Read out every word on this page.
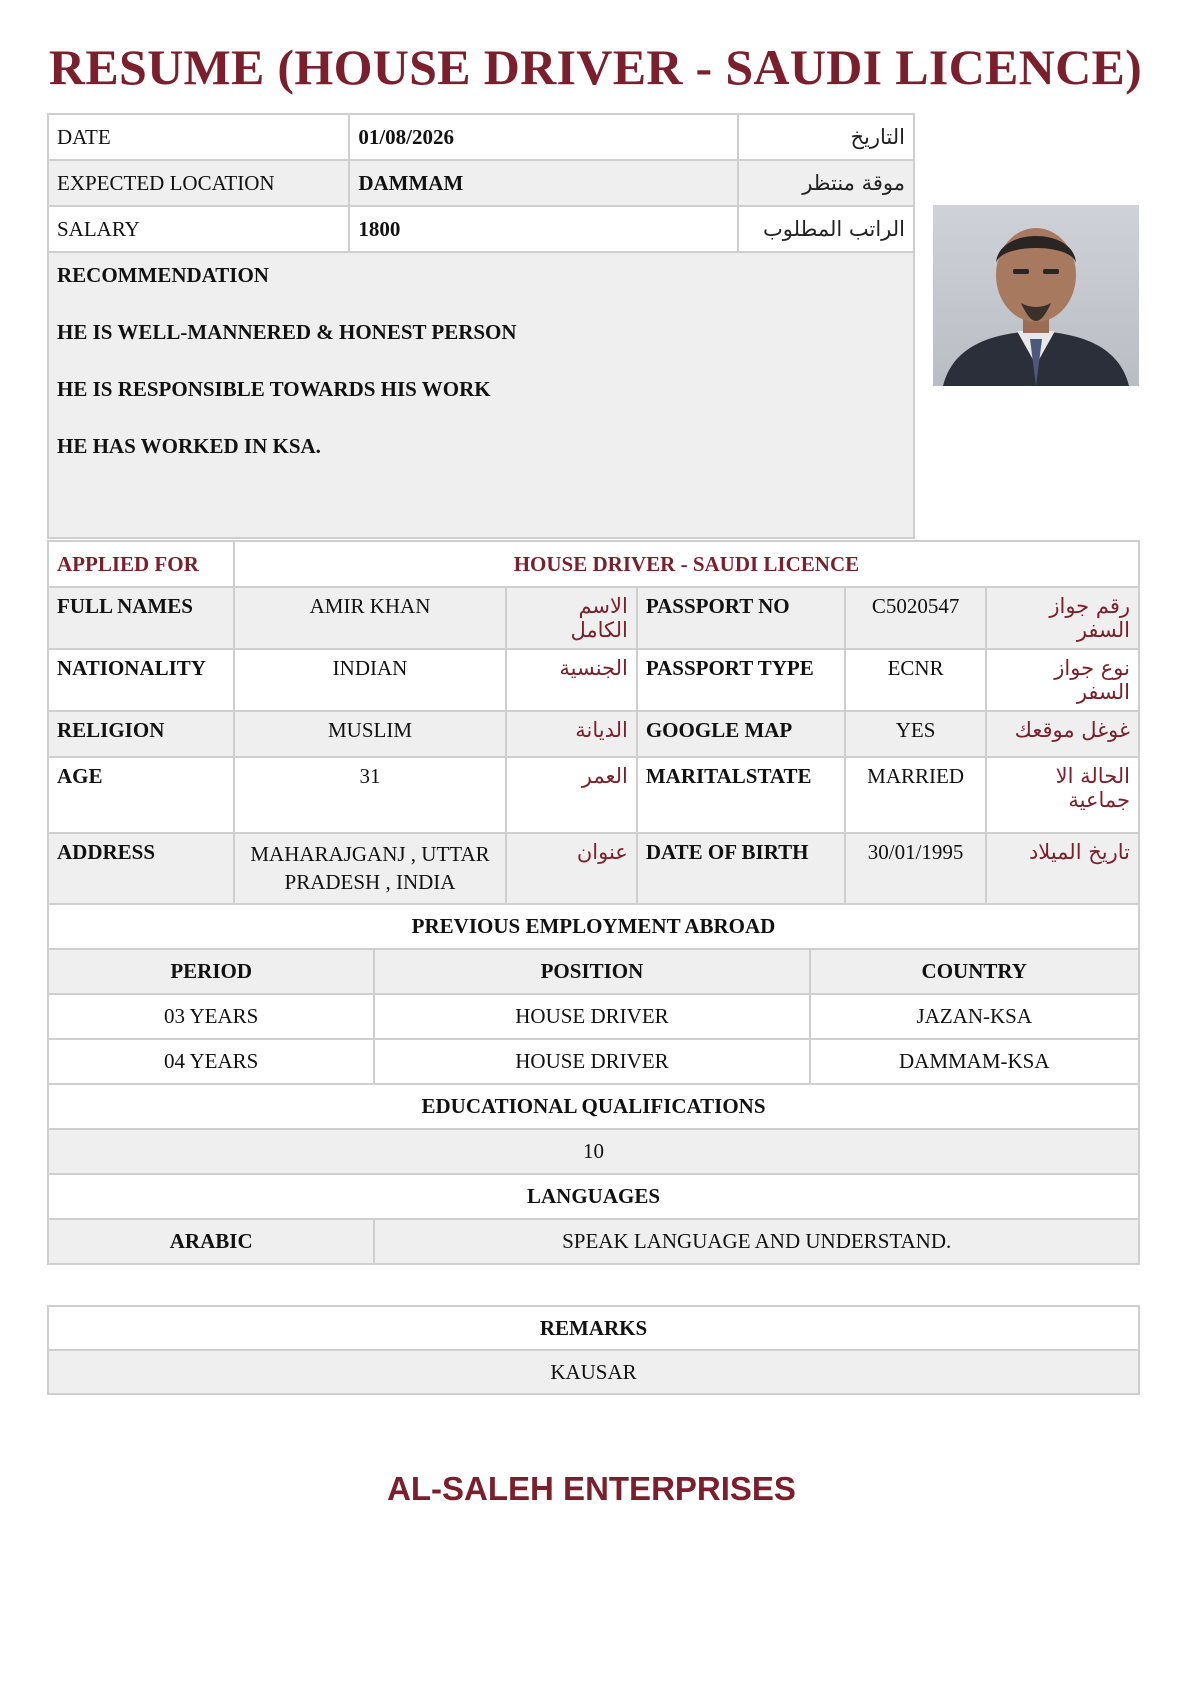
RESUME (HOUSE DRIVER - SAUDI LICENCE)
DATE	01/08/2026	التاريخ
EXPECTED LOCATION	DAMMAM	موقة منتظر
SALARY	1800	الراتب المطلوب

RECOMMENDATION
HE IS WELL-MANNERED & HONEST PERSON
HE IS RESPONSIBLE TOWARDS HIS WORK
HE HAS WORKED IN KSA.		
APPLIED FOR	HOUSE DRIVER - SAUDI LICENCE				
FULL NAMES	AMIR KHAN	الاسم الكامل	PASSPORT NO	C5020547	رقم جواز السفر
NATIONALITY	INDIAN	الجنسية	PASSPORT TYPE	ECNR	نوع جواز السفر
RELIGION	MUSLIM	الديانة	GOOGLE MAP	YES	غوغل موقعك
AGE	31	العمر	MARITALSTATE	MARRIED	الحالة الا جماعية
ADDRESS	MAHARAJGANJ , UTTAR PRADESH , INDIA	عنوان	DATE OF BIRTH	30/01/1995	تاريخ الميلاد
PREVIOUS EMPLOYMENT ABROAD		
PERIOD	POSITION	COUNTRY
03 YEARS	HOUSE DRIVER	JAZAN-KSA
04 YEARS	HOUSE DRIVER	DAMMAM-KSA
EDUCATIONAL QUALIFICATIONS		
10		
LANGUAGES		
ARABIC	SPEAK LANGUAGE AND UNDERSTAND.	
REMARKS
KAUSAR
AL-SALEH ENTERPRISES
